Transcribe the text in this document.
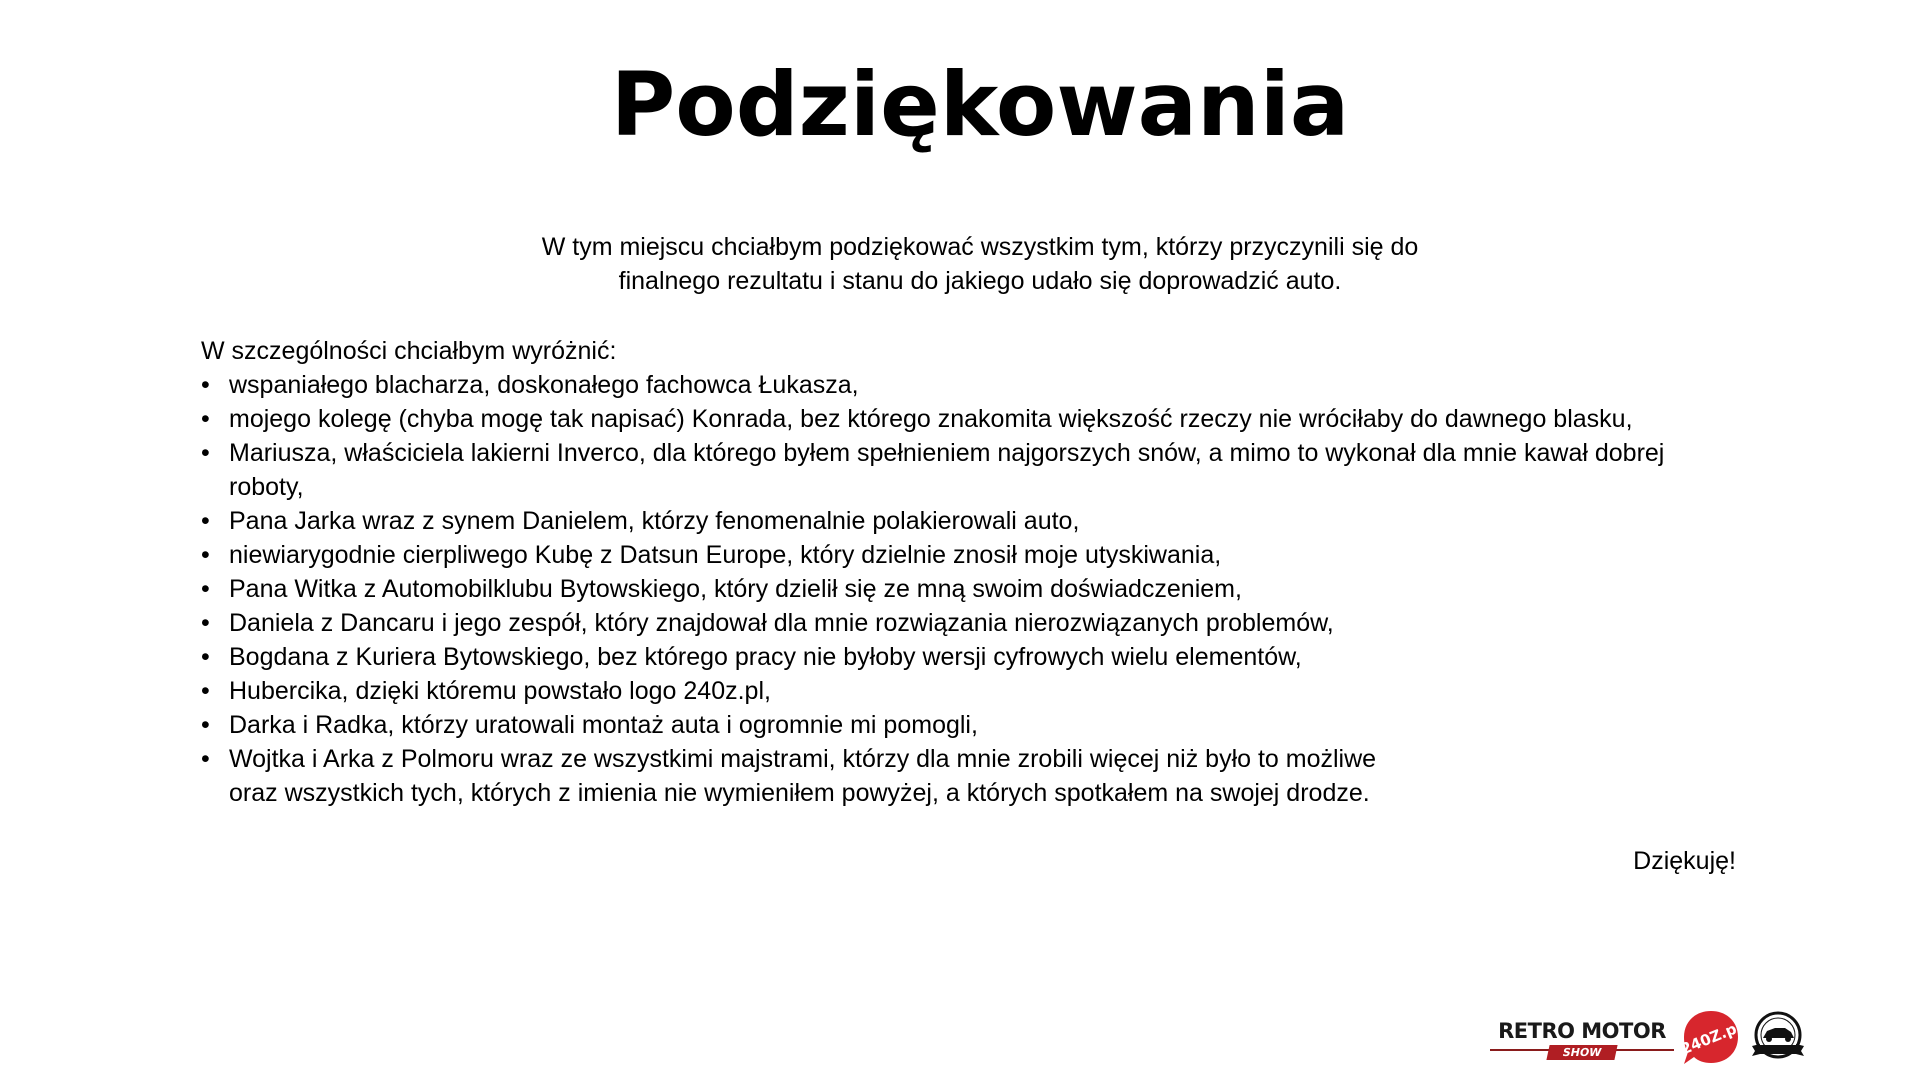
Podziękowania
W tym miejscu chciałbym podziękować wszystkim tym, którzy przyczynili się do
finalnego rezultatu i stanu do jakiego udało się doprowadzić auto.

W szczególności chciałbym wyróżnić:

• wspaniałego blacharza, doskonałego fachowca Łukasza,
• mojego kolegę (chyba mogę tak napisać) Konrada, bez którego znakomita większość rzeczy nie wróciłaby do dawnego blasku,
• Mariusza, właściciela lakierni Inverco, dla którego byłem spełnieniem najgorszych snów, a mimo to wykonał dla mnie kawał dobrej roboty,
• Pana Jarka wraz z synem Danielem, którzy fenomenalnie polakierowali auto,
• niewiarygodnie cierpliwego Kubę z Datsun Europe, który dzielnie znosił moje utyskiwania,
• Pana Witka z Automobilklubu Bytowskiego, który dzielił się ze mną swoim doświadczeniem,
• Daniela z Dancaru i jego zespół, który znajdował dla mnie rozwiązania nierozwiązanych problemów,
• Bogdana z Kuriera Bytowskiego, bez którego pracy nie byłoby wersji cyfrowych wielu elementów,
• Hubercika, dzięki któremu powstało logo 240z.pl,
• Darka i Radka, którzy uratowali montaż auta i ogromnie mi pomogli,
• Wojtka i Arka z Polmoru wraz ze wszystkimi majstrami, którzy dla mnie zrobili więcej niż było to możliwe
oraz wszystkich tych, których z imienia nie wymieniłem powyżej, a których spotkałem na swojej drodze.
Dziękuję!
RETRO MOTOR
SHOW	240Z.pl
